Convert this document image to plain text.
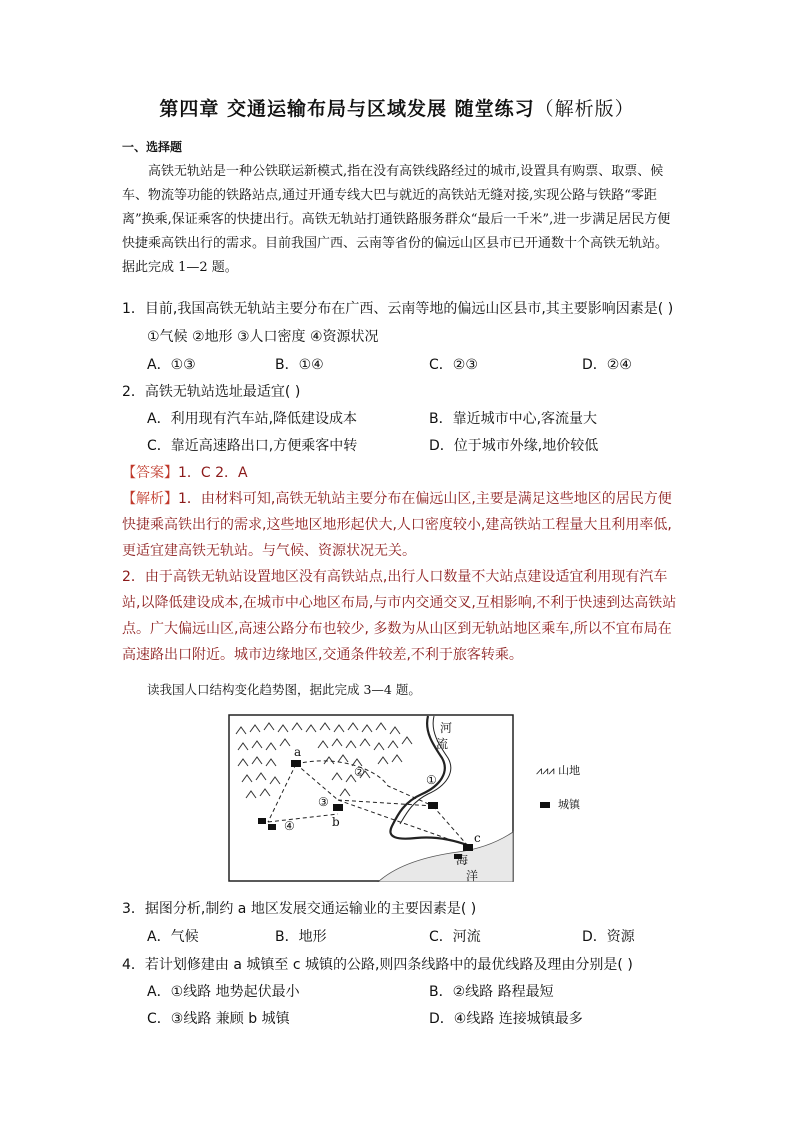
第四章 交通运输布局与区域发展 随堂练习（解析版）
一、选择题

高铁无轨站是一种公铁联运新模式,指在没有高铁线路经过的城市,设置具有购票、取票、候车、物流等功能的铁路站点,通过开通专线大巴与就近的高铁站无缝对接,实现公路与铁路“零距离”换乘,保证乘客的快捷出行。高铁无轨站打通铁路服务群众“最后一千米”,进一步满足居民方便快捷乘高铁出行的需求。目前我国广西、云南等省份的偏远山区县市已开通数十个高铁无轨站。据此完成 1—2 题。

1．目前,我国高铁无轨站主要分布在广西、云南等地的偏远山区县市,其主要影响因素是( )
①气候 ②地形 ③人口密度 ④资源状况
A．①③	B．①④	C．②③	D．②④
2．高铁无轨站选址最适宜( )
A．利用现有汽车站,降低建设成本	B．靠近城市中心,客流量大
C．靠近高速路出口,方便乘客中转	D．位于城市外缘,地价较低

【答案】1．C 2．A

【解析】1．由材料可知,高铁无轨站主要分布在偏远山区,主要是满足这些地区的居民方便快捷乘高铁出行的需求,这些地区地形起伏大,人口密度较小,建高铁站工程量大且利用率低,更适宜建高铁无轨站。与气候、资源状况无关。

2．由于高铁无轨站设置地区没有高铁站点,出行人口数量不大站点建设适宜利用现有汽车站,以降低建设成本,在城市中心地区布局,与市内交通交叉,互相影响,不利于快速到达高铁站点。广大偏远山区,高速公路分布也较少, 多数为从山区到无轨站地区乘车,所以不宜布局在高速路出口附近。城市边缘地区,交通条件较差,不利于旅客转乘。

读我国人口结构变化趋势图，据此完成 3—4 题。
河
流
海
洋
a
b
c
①
②
③
④
⩘⩘⩘ 山地
城镇
3．据图分析,制约 a 地区发展交通运输业的主要因素是( )
A．气候	B．地形	C．河流	D．资源
4．若计划修建由 a 城镇至 c 城镇的公路,则四条线路中的最优线路及理由分别是( )
A．①线路 地势起伏最小	B．②线路 路程最短
C．③线路 兼顾 b 城镇	D．④线路 连接城镇最多
